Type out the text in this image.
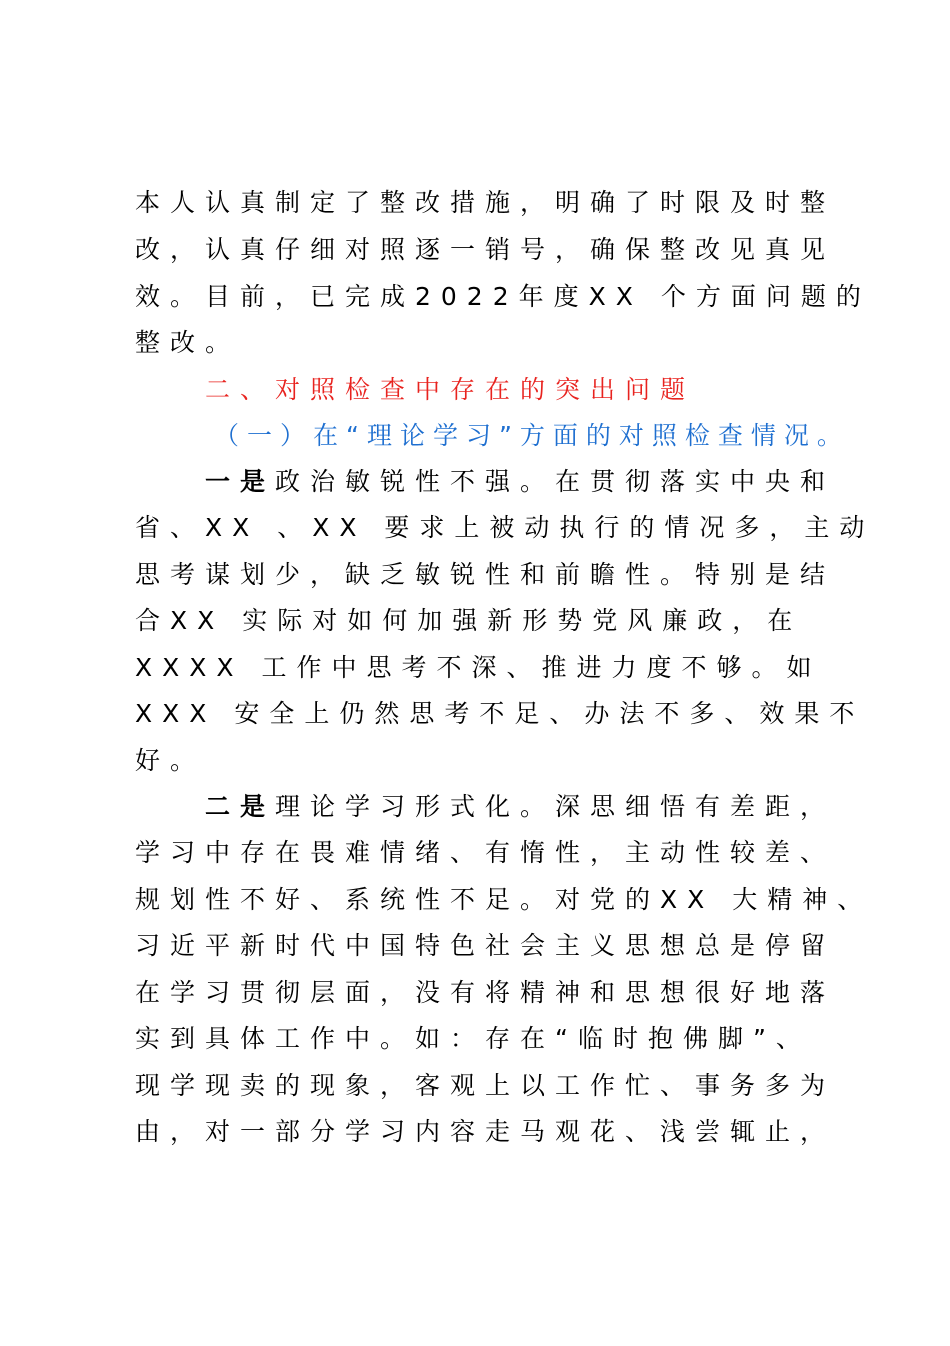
本人认真制定了整改措施，明确了时限及时整
改，认真仔细对照逐一销号，确保整改见真见
效。目前，已完成2022年度XX 个方面问题的
整改。
二、对照检查中存在的突出问题
（一）在“理论学习”方面的对照检查情况。
一是政治敏锐性不强。在贯彻落实中央和
省、XX 、XX 要求上被动执行的情况多，主动
思考谋划少，缺乏敏锐性和前瞻性。特别是结
合XX 实际对如何加强新形势党风廉政，在
XXXX 工作中思考不深、推进力度不够。如
XXX 安全上仍然思考不足、办法不多、效果不
好。
二是理论学习形式化。深思细悟有差距，
学习中存在畏难情绪、有惰性，主动性较差、
规划性不好、系统性不足。对党的XX 大精神、
习近平新时代中国特色社会主义思想总是停留
在学习贯彻层面，没有将精神和思想很好地落
实到具体工作中。如：存在“临时抱佛脚”、
现学现卖的现象，客观上以工作忙、事务多为
由，对一部分学习内容走马观花、浅尝辄止，
